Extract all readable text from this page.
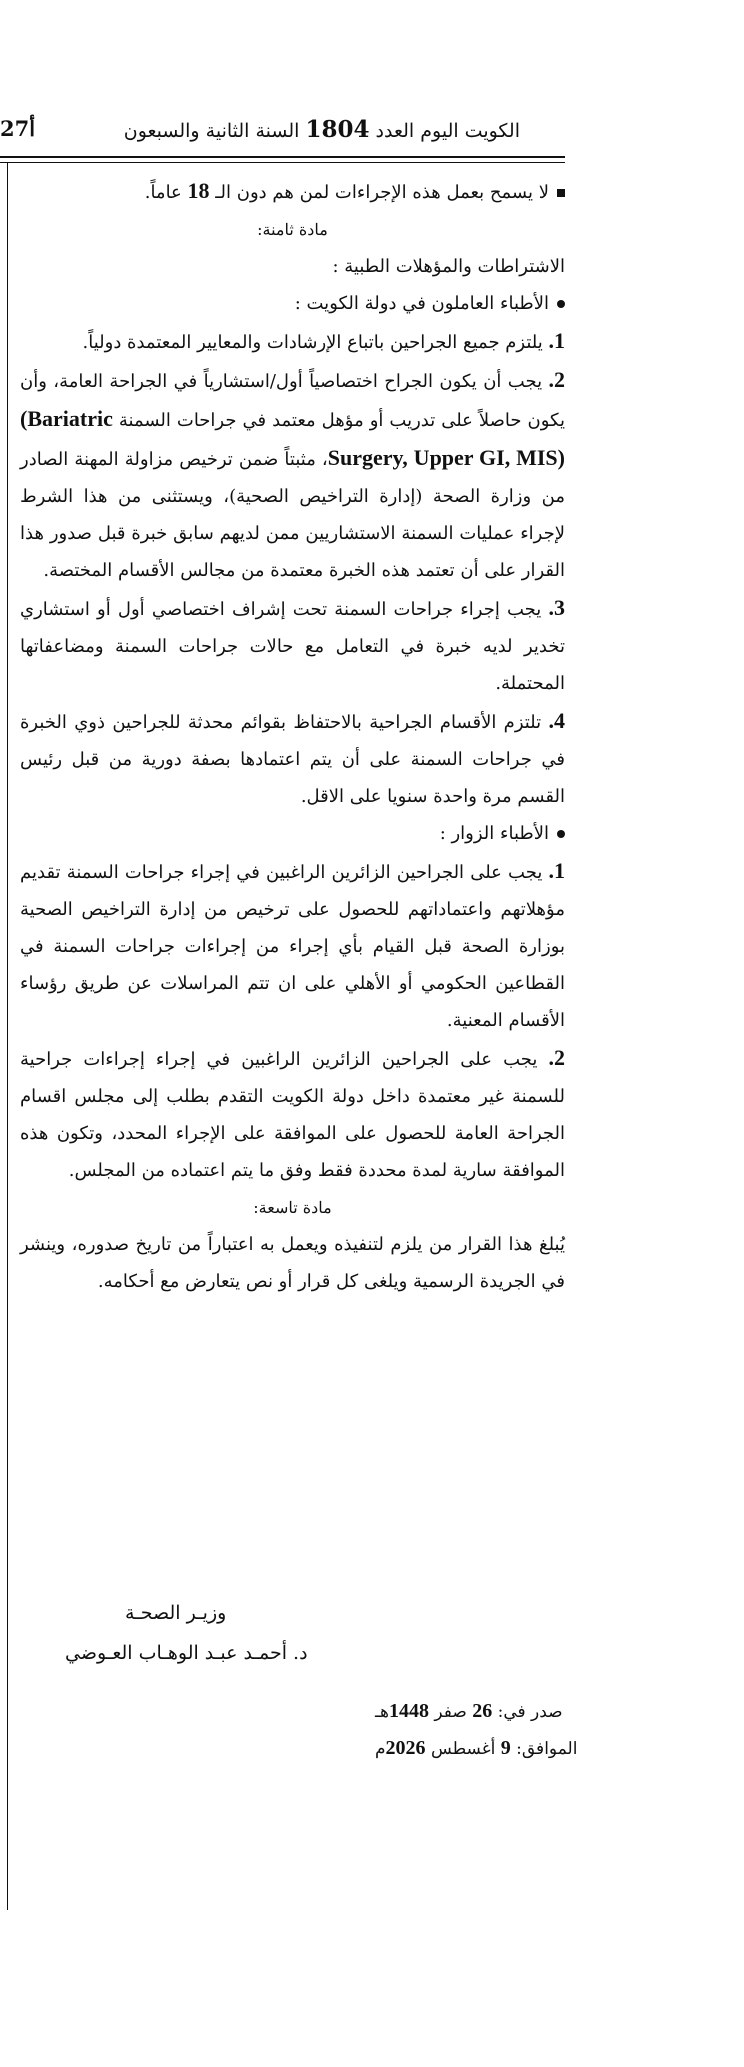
27أ	الكويت اليوم العدد 1804 السنة الثانية والسبعون

لا يسمح بعمل هذه الإجراءات لمن هم دون الـ 18 عاماً.

مادة ثامنة:

الاشتراطات والمؤهلات الطبية :

الأطباء العاملون في دولة الكويت :

1. يلتزم جميع الجراحين باتباع الإرشادات والمعايير المعتمدة دولياً.

2. يجب أن يكون الجراح اختصاصياً أول/استشارياً في الجراحة العامة، وأن يكون حاصلاً على تدريب أو مؤهل معتمد في جراحات السمنة (Bariatric Surgery, Upper GI, MIS)، مثبتاً ضمن ترخيص مزاولة المهنة الصادر من وزارة الصحة (إدارة التراخيص الصحية)، ويستثنى من هذا الشرط لإجراء عمليات السمنة الاستشاريين ممن لديهم سابق خبرة قبل صدور هذا القرار على أن تعتمد هذه الخبرة معتمدة من مجالس الأقسام المختصة.

3. يجب إجراء جراحات السمنة تحت إشراف اختصاصي أول أو استشاري تخدير لديه خبرة في التعامل مع حالات جراحات السمنة ومضاعفاتها المحتملة.

4. تلتزم الأقسام الجراحية بالاحتفاظ بقوائم محدثة للجراحين ذوي الخبرة في جراحات السمنة على أن يتم اعتمادها بصفة دورية من قبل رئيس القسم مرة واحدة سنويا على الاقل.

الأطباء الزوار :

1. يجب على الجراحين الزائرين الراغبين في إجراء جراحات السمنة تقديم مؤهلاتهم واعتماداتهم للحصول على ترخيص من إدارة التراخيص الصحية بوزارة الصحة قبل القيام بأي إجراء من إجراءات جراحات السمنة في القطاعين الحكومي أو الأهلي على ان تتم المراسلات عن طريق رؤساء الأقسام المعنية.

2. يجب على الجراحين الزائرين الراغبين في إجراء إجراءات جراحية للسمنة غير معتمدة داخل دولة الكويت التقدم بطلب إلى مجلس اقسام الجراحة العامة للحصول على الموافقة على الإجراء المحدد، وتكون هذه الموافقة سارية لمدة محددة فقط وفق ما يتم اعتماده من المجلس.

مادة تاسعة:

يُبلغ هذا القرار من يلزم لتنفيذه ويعمل به اعتباراً من تاريخ صدوره، وينشر في الجريدة الرسمية ويلغى كل قرار أو نص يتعارض مع أحكامه.

وزيـر الصحـة
د. أحمـد عبـد الوهـاب العـوضي
صدر في: 26 صفر 1448هـ
الموافق: 9 أغسطس 2026م
